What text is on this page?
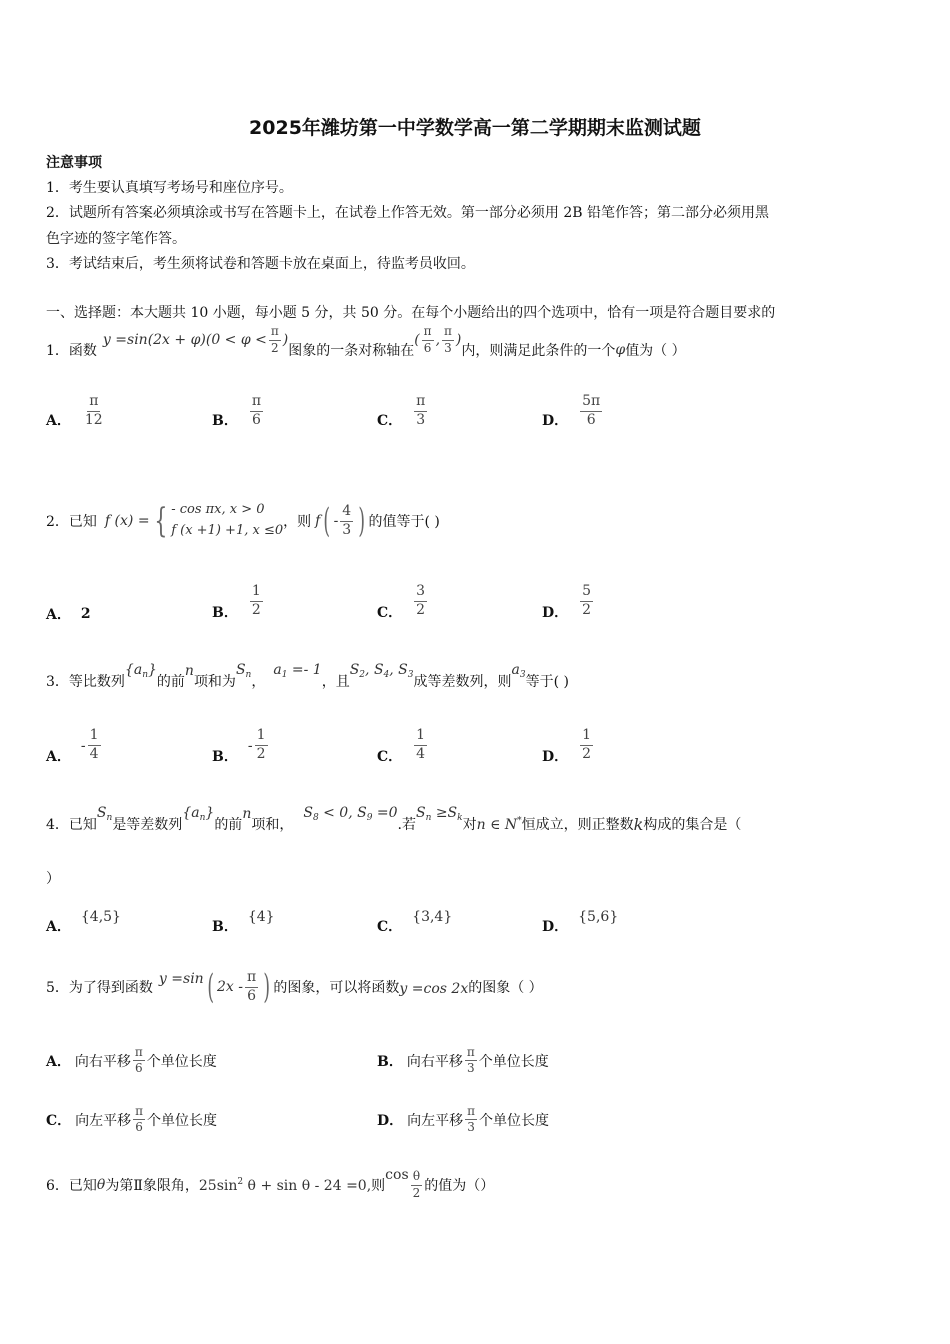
2025年潍坊第一中学数学高一第二学期期末监测试题
注意事项
1．考生要认真填写考场号和座位序号。
2．试题所有答案必须填涂或书写在答题卡上，在试卷上作答无效。第一部分必须用 2B 铅笔作答；第二部分必须用黑
色字迹的签字笔作答。
3．考试结束后，考生须将试卷和答题卡放在桌面上，待监考员收回。
一、选择题：本大题共 10 小题，每小题 5 分，共 50 分。在每个小题给出的四个选项中，恰有一项是符合题目要求的
1． 函数
$y =\sin(2x + \varphi)(0 < \varphi < \frac{\pi}{2}$ )
图象的一条对称轴在
( $\frac{\pi}{6}$ , $\frac{\pi}{3}$ )
内，则满足此条件的一个 φ 值为（ ）
A． $\frac{\pi}{12}$	B． $\frac{\pi}{6}$	C． $\frac{\pi}{3}$	D． $\frac{5\pi}{6}$
2． 已知 f (x) = { - cos πx, x > 0
f (x +1) +1, x ≤0
，则 f ( - $\frac{4}{3}$ ) 的值等于( )
A． 2	B． $\frac{1}{2}$	C． $\frac{3}{2}$	D． $\frac{5}{2}$
3． 等比数列
$\{a_n\}$
的前
n
项和为
$S_n$ ，
$a_1 =- 1$
，且
$S_2$, $S_4$, $S_3$ 成等差数列，则
$a_3$ 等于( )
A．
- $\frac{1}{4}$	B．
- $\frac{1}{2}$	C． $\frac{1}{4}$	D． $\frac{1}{2}$
4． 已知
$S_n$ 是等差数列
$\{a_n\}$
的前
n
项和，
$S_8 < 0$, $S_9 =0$
.若
$S_n \ge S_k$ 对 n ∈ N* 恒成立，则正整数 k 构成的集合是（
）
A．
{4,5}
B．
{4}
C．
{3,4}
D．
{5,6}
5． 为了得到函数
y =sin ( $2x - \frac{\pi}{6}$ ) 的图象，可以将函数 y =cos 2x 的图象（ ）
A． 向右平移 $\frac{\pi}{6}$ 个单位长度	B． 向右平移 $\frac{\pi}{3}$ 个单位长度
C． 向左平移 $\frac{\pi}{6}$ 个单位长度	D． 向左平移 $\frac{\pi}{3}$ 个单位长度
6． 已知 θ 为第Ⅱ象限角， $25\sin^2$ θ + sin θ - 24 =0, 则
$\cos \frac{\theta}{2}$ 的值为（）
